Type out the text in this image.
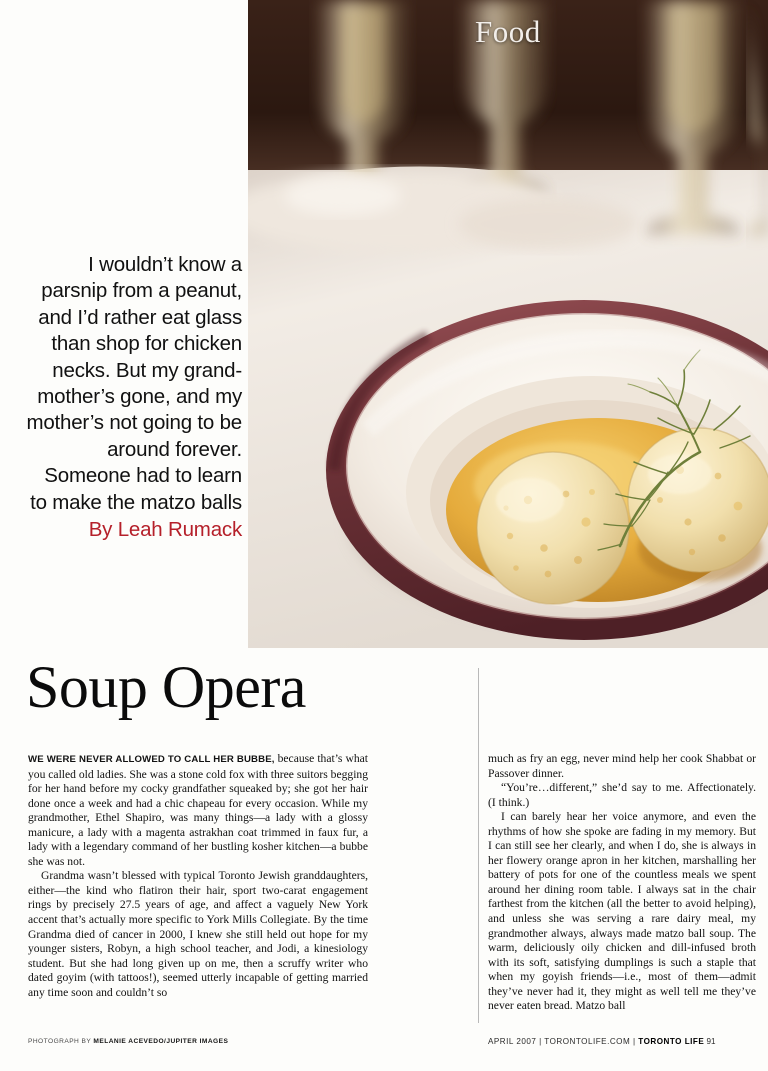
Food
I wouldn’t know a parsnip from a peanut, and I’d rather eat glass than shop for chicken necks. But my grand-mother’s gone, and my mother’s not going to be around forever. Someone had to learn to make the matzo balls
By Leah Rumack
Soup Opera

WE WERE NEVER ALLOWED TO CALL HER BUBBE, because that’s what you called old ladies. She was a stone cold fox with three suitors begging for her hand before my cocky grandfather squeaked by; she got her hair done once a week and had a chic chapeau for every occasion. While my grandmother, Ethel Shapiro, was many things—a lady with a glossy manicure, a lady with a magenta astrakhan coat trimmed in faux fur, a lady with a legendary command of her bustling kosher kitchen—a bubbe she was not.

Grandma wasn’t blessed with typical Toronto Jewish granddaughters, either—the kind who flatiron their hair, sport two-carat engagement rings by precisely 27.5 years of age, and affect a vaguely New York accent that’s actually more specific to York Mills Collegiate. By the time Grandma died of cancer in 2000, I knew she still held out hope for my younger sisters, Robyn, a high school teacher, and Jodi, a kinesiology student. But she had long given up on me, then a scruffy writer who dated goyim (with tattoos!), seemed utterly incapable of getting married any time soon and couldn’t so

much as fry an egg, never mind help her cook Shabbat or Passover dinner.

“You’re…different,” she’d say to me. Affectionately. (I think.)

I can barely hear her voice anymore, and even the rhythms of how she spoke are fading in my memory. But I can still see her clearly, and when I do, she is always in her flowery orange apron in her kitchen, marshalling her battery of pots for one of the countless meals we spent around her dining room table. I always sat in the chair farthest from the kitchen (all the better to avoid helping), and unless she was serving a rare dairy meal, my grandmother always, always made matzo ball soup. The warm, deliciously oily chicken and dill-infused broth with its soft, satisfying dumplings is such a staple that when my goyish friends—i.e., most of them—admit they’ve never had it, they might as well tell me they’ve never eaten bread. Matzo ball

PHOTOGRAPH BY MELANIE ACEVEDO/JUPITER IMAGES	APRIL 2007 | TORONTOLIFE.COM | TORONTO LIFE 91
